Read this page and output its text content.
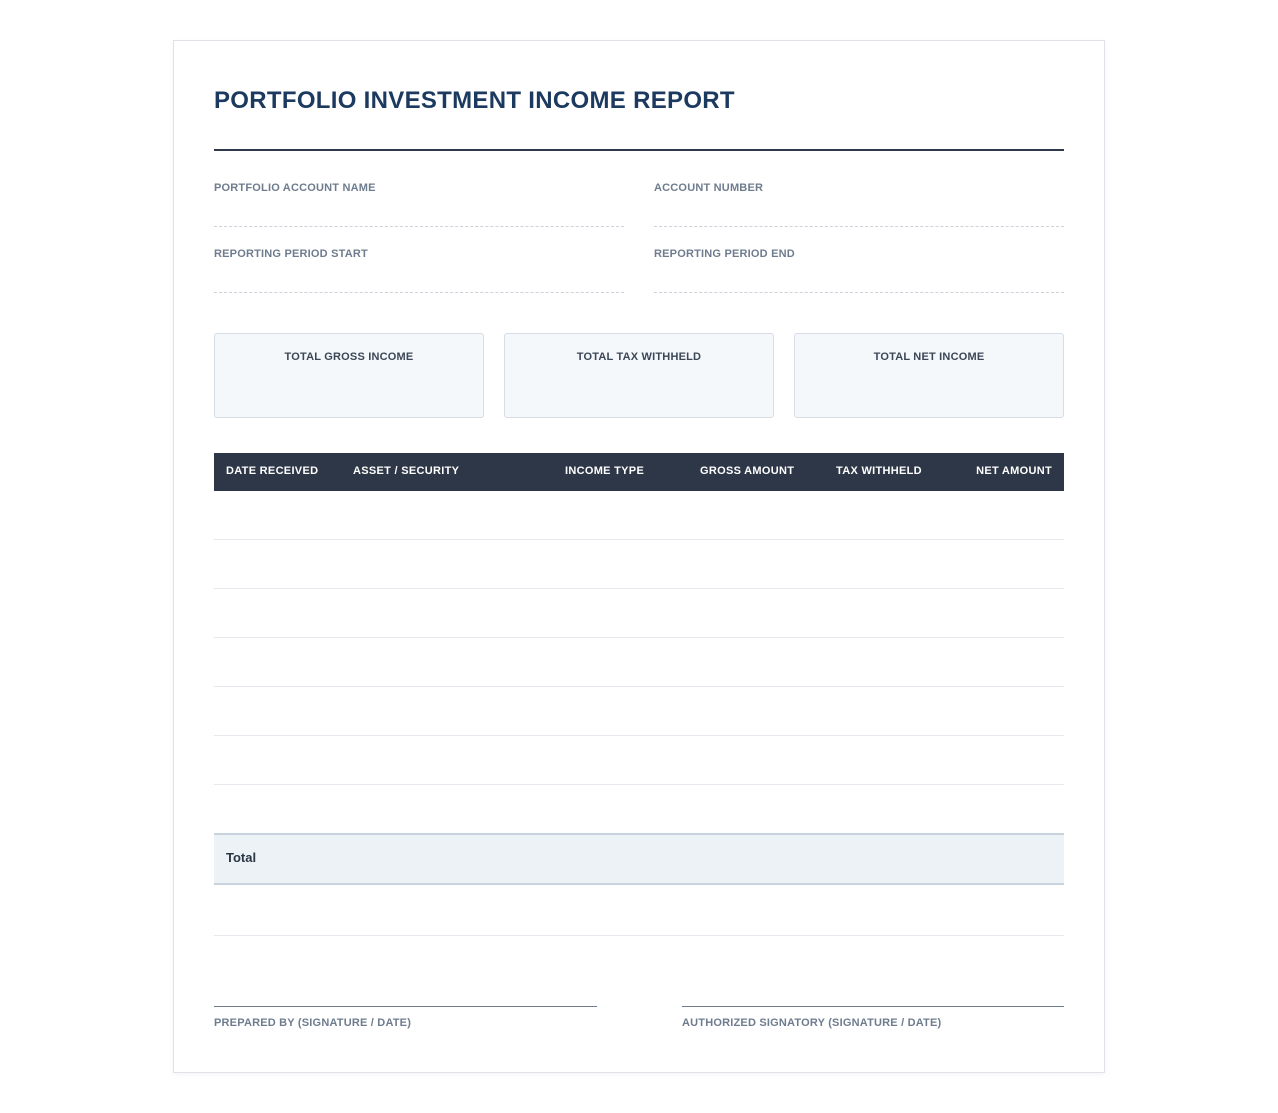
PORTFOLIO INVESTMENT INCOME REPORT
PORTFOLIO ACCOUNT NAME	ACCOUNT NUMBER
REPORTING PERIOD START	REPORTING PERIOD END
TOTAL GROSS INCOME	TOTAL TAX WITHHELD	TOTAL NET INCOME
DATE RECEIVED	ASSET / SECURITY	INCOME TYPE	GROSS AMOUNT	TAX WITHHELD	NET AMOUNT
Total
PREPARED BY (SIGNATURE / DATE)	AUTHORIZED SIGNATORY (SIGNATURE / DATE)
